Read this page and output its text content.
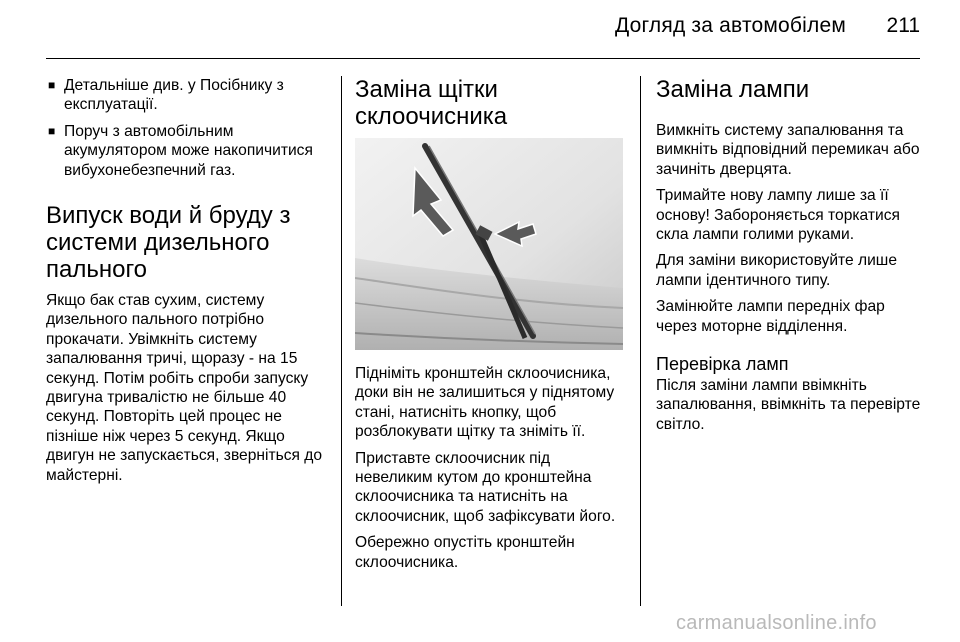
Догляд за автомобілем	211
■ Детальніше див. у Посібнику з експлуатації.
■ Поруч з автомобільним акумулятором може накопичитися вибухонебезпечний газ.
Випуск води й бруду з системи дизельного пального

Якщо бак став сухим, систему дизельного пального потрібно прокачати. Увімкніть систему запалювання тричі, щоразу - на 15 секунд. Потім робіть спроби запуску двигуна тривалістю не більше 40 секунд. Повторіть цей процес не пізніше ніж через 5 секунд. Якщо двигун не запускається, зверніться до майстерні.

Заміна щітки склоочисника

Підніміть кронштейн склоочисника, доки він не залишиться у піднятому стані, натисніть кнопку, щоб розблокувати щітку та зніміть її.

Приставте склоочисник під невеликим кутом до кронштейна склоочисника та натисніть на склоочисник, щоб зафіксувати його.

Обережно опустіть кронштейн склоочисника.

Заміна лампи

Вимкніть систему запалювання та вимкніть відповідний перемикач або зачиніть дверцята.

Тримайте нову лампу лише за її основу! Забороняється торкатися скла лампи голими руками.

Для заміни використовуйте лише лампи ідентичного типу.

Замінюйте лампи передніх фар через моторне відділення.

Перевірка ламп

Після заміни лампи ввімкніть запалювання, ввімкніть та перевірте світло.

carmanualsonline.info
